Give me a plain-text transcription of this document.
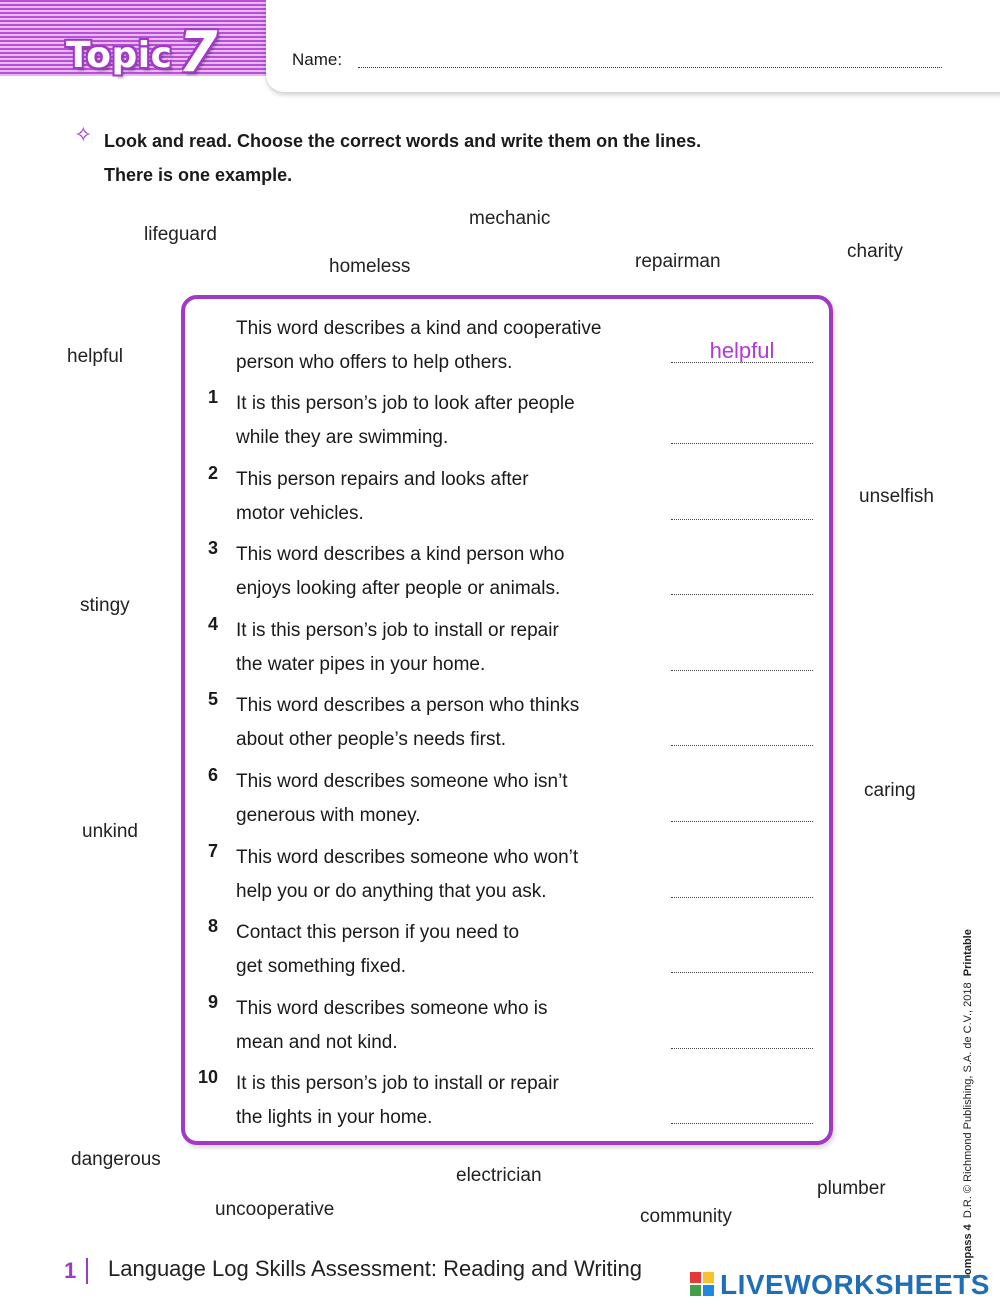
Topic 7	Name:
✧ Look and read. Choose the correct words and write them on the lines.
There is one example.
lifeguard
mechanic
homeless	repairman	charity
helpful
unselfish
stingy
caring
unkind
dangerous
electrician
plumber
uncooperative	community
This word describes a kind and cooperative
person who offers to help others.	helpful
1 It is this person’s job to look after people
while they are swimming.
2 This person repairs and looks after
motor vehicles.
3 This word describes a kind person who
enjoys looking after people or animals.
4 It is this person’s job to install or repair
the water pipes in your home.
5 This word describes a person who thinks
about other people’s needs first.
6 This word describes someone who isn’t
generous with money.
7 This word describes someone who won’t
help you or do anything that you ask.
8 Contact this person if you need to
get something fixed.
9 This word describes someone who is
mean and not kind.
10 It is this person’s job to install or repair
the lights in your home.
1 Language Log Skills Assessment: Reading and Writing	ompass 4  D.R. © Richmond Publishing, S.A. de C.V., 2018  Printable
LIVEWORKSHEETS
